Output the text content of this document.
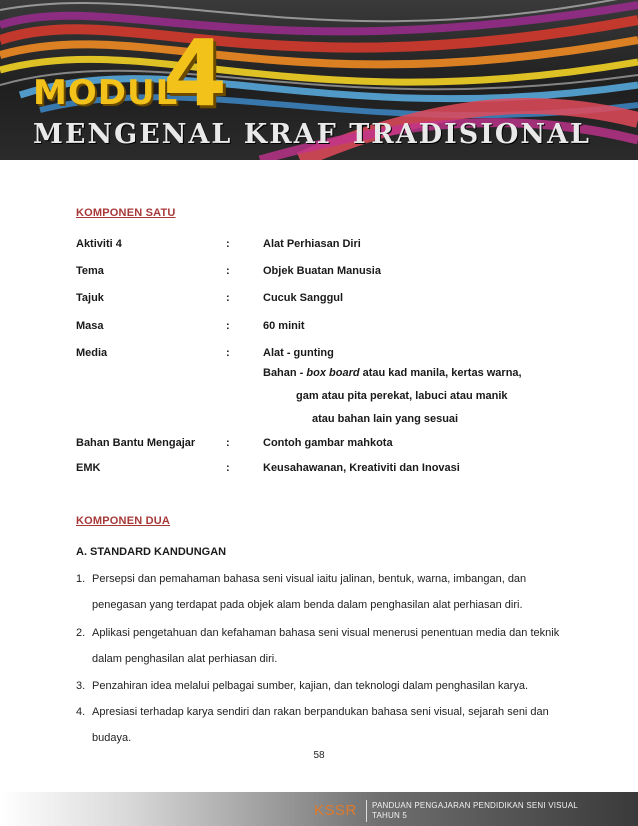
MODUL
4
MENGENAL KRAF TRADISIONAL
KOMPONEN SATU
Aktiviti 4	:	Alat Perhiasan Diri
Tema	:	Objek Buatan Manusia
Tajuk	:	Cucuk Sanggul
Masa	:	60 minit
Media	:	Alat - gunting
Bahan - box board atau kad manila, kertas warna,
gam atau pita perekat, labuci atau manik
atau bahan lain yang sesuai
Bahan Bantu Mengajar	:	Contoh gambar mahkota
EMK	:	Keusahawanan, Kreativiti dan Inovasi
KOMPONEN DUA
A. STANDARD KANDUNGAN
1. Persepsi dan pemahaman bahasa seni visual iaitu jalinan, bentuk, warna, imbangan, dan
penegasan yang terdapat pada objek alam benda dalam penghasilan alat perhiasan diri.
2. Aplikasi pengetahuan dan kefahaman bahasa seni visual menerusi penentuan media dan teknik
dalam penghasilan alat perhiasan diri.
3. Penzahiran idea melalui pelbagai sumber, kajian, dan teknologi dalam penghasilan karya.
4. Apresiasi terhadap karya sendiri dan rakan berpandukan bahasa seni visual, sejarah seni dan
budaya.
58
KSSR PANDUAN PENGAJARAN PENDIDIKAN SENI VISUAL
TAHUN 5
